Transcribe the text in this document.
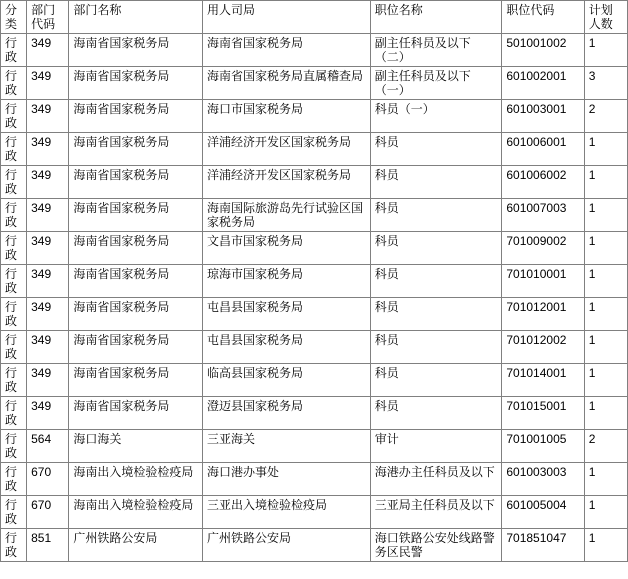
分类	部门代码	部门名称	用人司局	职位名称	职位代码	计划人数
行政	349	海南省国家税务局	海南省国家税务局	副主任科员及以下（二）	501001002	1
行政	349	海南省国家税务局	海南省国家税务局直属稽查局	副主任科员及以下（一）	601002001	3
行政	349	海南省国家税务局	海口市国家税务局	科员（一）	601003001	2
行政	349	海南省国家税务局	洋浦经济开发区国家税务局	科员	601006001	1
行政	349	海南省国家税务局	洋浦经济开发区国家税务局	科员	601006002	1
行政	349	海南省国家税务局	海南国际旅游岛先行试验区国家税务局	科员	601007003	1
行政	349	海南省国家税务局	文昌市国家税务局	科员	701009002	1
行政	349	海南省国家税务局	琼海市国家税务局	科员	701010001	1
行政	349	海南省国家税务局	屯昌县国家税务局	科员	701012001	1
行政	349	海南省国家税务局	屯昌县国家税务局	科员	701012002	1
行政	349	海南省国家税务局	临高县国家税务局	科员	701014001	1
行政	349	海南省国家税务局	澄迈县国家税务局	科员	701015001	1
行政	564	海口海关	三亚海关	审计	701001005	2
行政	670	海南出入境检验检疫局	海口港办事处	海港办主任科员及以下	601003003	1
行政	670	海南出入境检验检疫局	三亚出入境检验检疫局	三亚局主任科员及以下	601005004	1
行政	851	广州铁路公安局	广州铁路公安局	海口铁路公安处线路警务区民警	701851047	1
